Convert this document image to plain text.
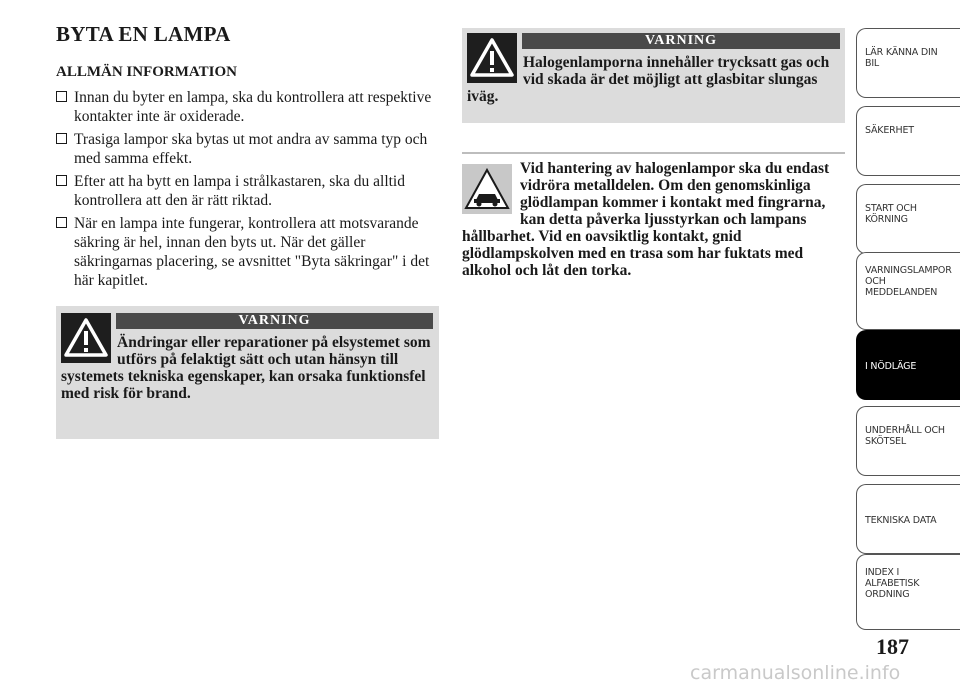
BYTA EN LAMPA
ALLMÄN INFORMATION
Innan du byter en lampa, ska du kontrollera att respektive kontakter inte är oxiderade.
Trasiga lampor ska bytas ut mot andra av samma typ och med samma effekt.
Efter att ha bytt en lampa i strålkastaren, ska du alltid kontrollera att den är rätt riktad.
När en lampa inte fungerar, kontrollera att motsvarande säkring är hel, innan den byts ut. När det gäller säkringarnas placering, se avsnittet "Byta säkringar" i det här kapitlet.
VARNING
Ändringar eller reparationer på elsystemet som utförs på felaktigt sätt och utan hänsyn till systemets tekniska egenskaper, kan orsaka funktionsfel med risk för brand.
VARNING
Halogenlamporna innehåller trycksatt gas och vid skada är det möjligt att glasbitar slungas iväg.
Vid hantering av halogenlampor ska du endast vidröra metalldelen. Om den genomskinliga glödlampan kommer i kontakt med fingrarna, kan detta påverka ljusstyrkan och lampans hållbarhet. Vid en oavsiktlig kontakt, gnid glödlampskolven med en trasa som har fuktats med alkohol och låt den torka.
LÄR KÄNNA DIN
BIL
SÄKERHET
START OCH
KÖRNING
VARNINGSLAMPOR
OCH
MEDDELANDEN
I NÖDLÄGE
UNDERHÅLL OCH
SKÖTSEL
TEKNISKA DATA
INDEX I
ALFABETISK
ORDNING
187
carmanualsonline.info
